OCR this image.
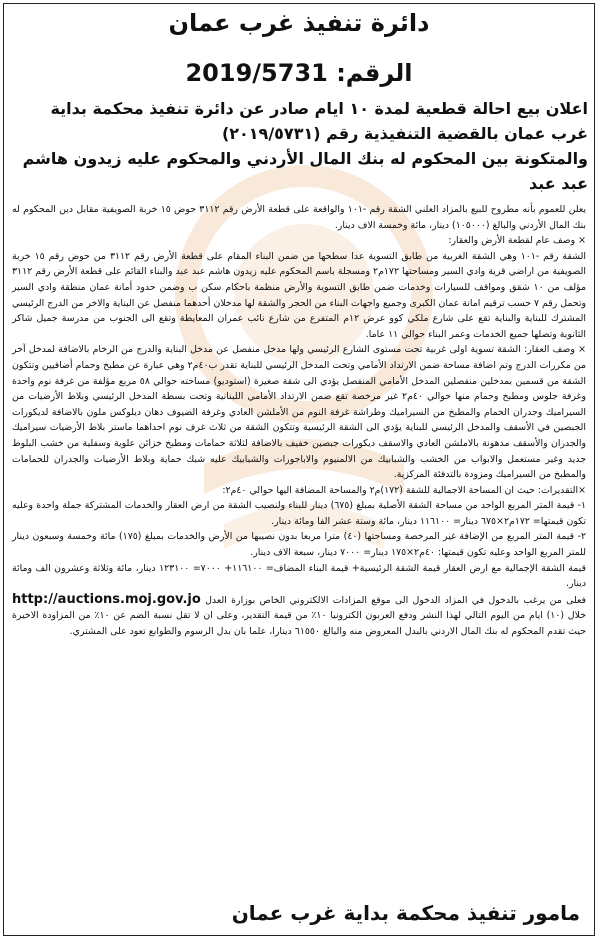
دائرة تنفيذ غرب عمان
الرقم: 2019/5731

اعلان بيع احالة قطعية لمدة ١٠ ايام صادر عن دائرة تنفيذ محكمة بداية غرب عمان بالقضية التنفيذية رقم (٢٠١٩/٥٧٣١)

والمتكونة بين المحكوم له بنك المال الأردني والمحكوم عليه زيدون هاشم عبد عبد

يعلن للعموم بأنه مطروح للبيع بالمزاد العلني الشقة رقم -١٠١ والواقعة على قطعة الأرض رقم ٣١١٢ حوض ١٥ خربة الصويفية مقابل دين المحكوم له بنك المال الأردني والبالغ (١٠٥٠٠٠) دينار، مائة وخمسة الاف دينار.

× وصف عام لقطعة الأرض والعقار:

الشقة رقم -١٠١ وهي الشقة الغربية من طابق التسوية عدا سطحها من ضمن البناء المقام على قطعة الأرض رقم ٣١١٢ من حوض رقم ١٥ خربة الصويفية من اراضي قرية وادي السير ومساحتها ١٧٢م٢ ومسجلة باسم المحكوم عليه زيدون هاشم عبد عبد والبناء القائم على قطعة الأرض رقم ٣١١٢ مؤلف من ١٠ شقق ومواقف للسيارات وخدمات ضمن طابق التسوية والأرض منظمة باحكام سكن ب وضمن حدود أمانة عمان منطقة وادي السير وتحمل رقم ٧ حسب ترقيم امانة عمان الكبرى وجميع واجهات البناء من الحجر والشقة لها مدخلان أحدهما منفصل عن البناية والاخر من الدرج الرئيسي المشترك للبناية والبناية تقع على شارع ملكي كوو عرض ١٢م المتفرع من شارع نائب عمران المعايطة وتقع الى الجنوب من مدرسة جميل شاكر الثانوية وتصلها جميع الخدمات وعمر البناء حوالي ١١ عاما.

× وصف العقار: الشقة تسوية اولى غربية تحت مستوى الشارع الرئيسي ولها مدخل منفصل عن مدخل البناية والدرج من الرخام بالاضافة لمدخل آخر من مكررات الدرج وتم اضافة مساحة ضمن الارتداد الأمامي وتحت المدخل الرئيسي للبناية تقدر ب٤٠م٢ وهي عبارة عن مطبخ وحمام أضافيين وتتكون الشقة من قسمين بمدخلين منفصلين المدخل الأمامي المنفصل يؤدي الى شقة صغيرة (استوديو) مساحته حوالي ٥٨ مربع مؤلفة من غرفة نوم واحدة وغرفة جلوس ومطبخ وحمام منها حوالي ٤٠م٢ غير مرخصة تقع ضمن الارتداد الأمامي اللبنانية وتحت بسطة المدخل الرئيسي وبلاط الأرضيات من السيراميك وجدران الحمام والمطبخ من السيراميك وطراشة غرفة النوم من الأملشن العادي وغرفة الضيوف دهان ديلوكس ملون بالاضافة لديكورات الجبصين في الأسقف والمدخل الرئيسي للبناية يؤدي الى الشقة الرئيسية وتتكون الشقة من ثلاث غرف نوم احداهما ماستر بلاط الأرضيات سيراميك والجدران والأسقف مدهونة بالاملشن العادي والاسقف ديكورات جبصين خفيف بالاضافة لثلاثة حمامات ومطبخ خزائن علوية وسفلية من خشب البلوط جديد وغير مستعمل والابواب من الخشب والشبابيك من الالمنيوم والاباجورات والشبابيك عليه شبك حماية وبلاط الأرضيات والجدران للحمامات والمطبخ من السيراميك ومزودة بالتدفئة المركزية.

×التقديرات: حيث ان المساحة الاجمالية للشقة (١٧٢)م٢ والمساحة المضافة اليها حوالي ٤٠م٢:

١- قيمة المتر المربع الواحد من مساحة الشقة الأصلية بمبلغ (٦٧٥) دينار للبناء ولنصيب الشقة من ارض العقار والخدمات المشتركة جملة واحدة وعليه تكون قيمتها= ١٧٢م٢×٦٧٥ دينار= ١١٦١٠٠ دينار، مائة وستة عشر الفا ومائة دينار.

٢- قيمة المتر المربع من الإضافة غير المرخصة ومساحتها (٤٠) مترا مربعا بدون نصيبها من الأرض والخدمات بمبلغ (١٧٥) مائة وخمسة وسبعون دينار للمتر المربع الواحد وعليه تكون قيمتها: ٤٠م٢×١٧٥ دينار= ٧٠٠٠ دينار، سبعة الاف دينار.

قيمة الشقة الإجمالية مع ارض العقار قيمة الشقة الرئيسية+ قيمة البناء المضاف= ١١٦١٠٠+ ٧٠٠٠= ١٢٣١٠٠ دينار، مائة وثلاثة وعشرون الف ومائة دينار.

فعلى من يرغب بالدخول في المزاد الدخول الى موقع المزادات الالكتروني الخاص بوزارة العدل http://auctions.moj.gov.jo خلال (١٠) ايام من اليوم التالي لهذا النشر ودفع العربون الكترونيا ١٠٪ من قيمة التقدير، وعلى ان لا تقل نسبة الضم عن ١٠٪ من المزاودة الاخيرة حيث تقدم المحكوم له بنك المال الاردني بالبدل المعروض منه والبالغ ٦١٥٥٠ دينارا، علما بان بدل الرسوم والطوابع تعود على المشتري.

مامور تنفيذ محكمة بداية غرب عمان
